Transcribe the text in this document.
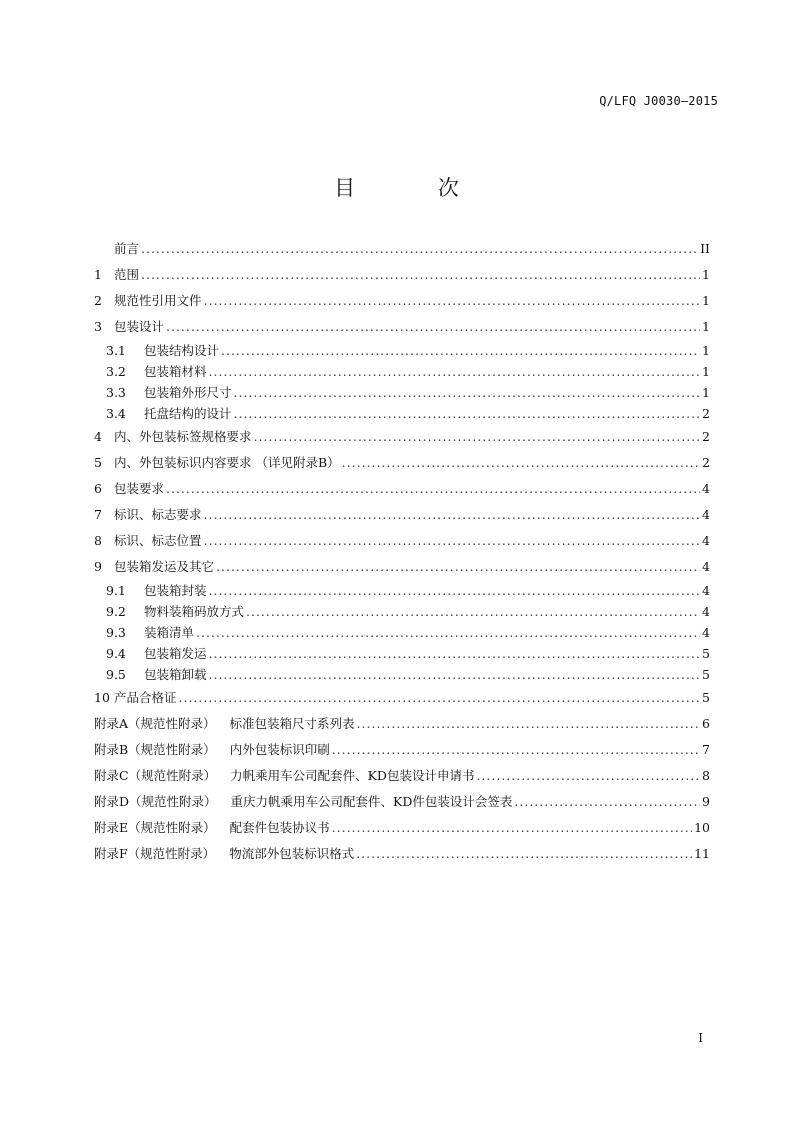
Q/LFQ J0030—2015
目 次
前言 .....	II
1 范围 .....	1
2 规范性引用文件 .....	1
3 包装设计 .....	1
3.1	包装结构设计 .....	1
3.2	包装箱材料 .....	1
3.3	包装箱外形尺寸 .....	1
3.4	托盘结构的设计 .....	2
4 内、外包装标签规格要求 .....	2
5 内、外包装标识内容要求 （详见附录B） .....	2
6 包装要求 .....	4
7 标识、标志要求 .....	4
8 标识、标志位置 .....	4
9 包装箱发运及其它 .....	4
9.1	包装箱封装 .....	4
9.2	物料装箱码放方式 .....	4
9.3	装箱清单 .....	4
9.4	包装箱发运 .....	5
9.5	包装箱卸载 .....	5
10 产品合格证 .....	5
附录A（规范性附录） 标准包装箱尺寸系列表 .....	6
附录B（规范性附录） 内外包装标识印刷 .....	7
附录C（规范性附录） 力帆乘用车公司配套件、KD包装设计申请书 .....	8
附录D（规范性附录） 重庆力帆乘用车公司配套件、KD件包装设计会签表 .....	9
附录E（规范性附录） 配套件包装协议书 .....	10
附录F（规范性附录） 物流部外包装标识格式 .....	11
I
